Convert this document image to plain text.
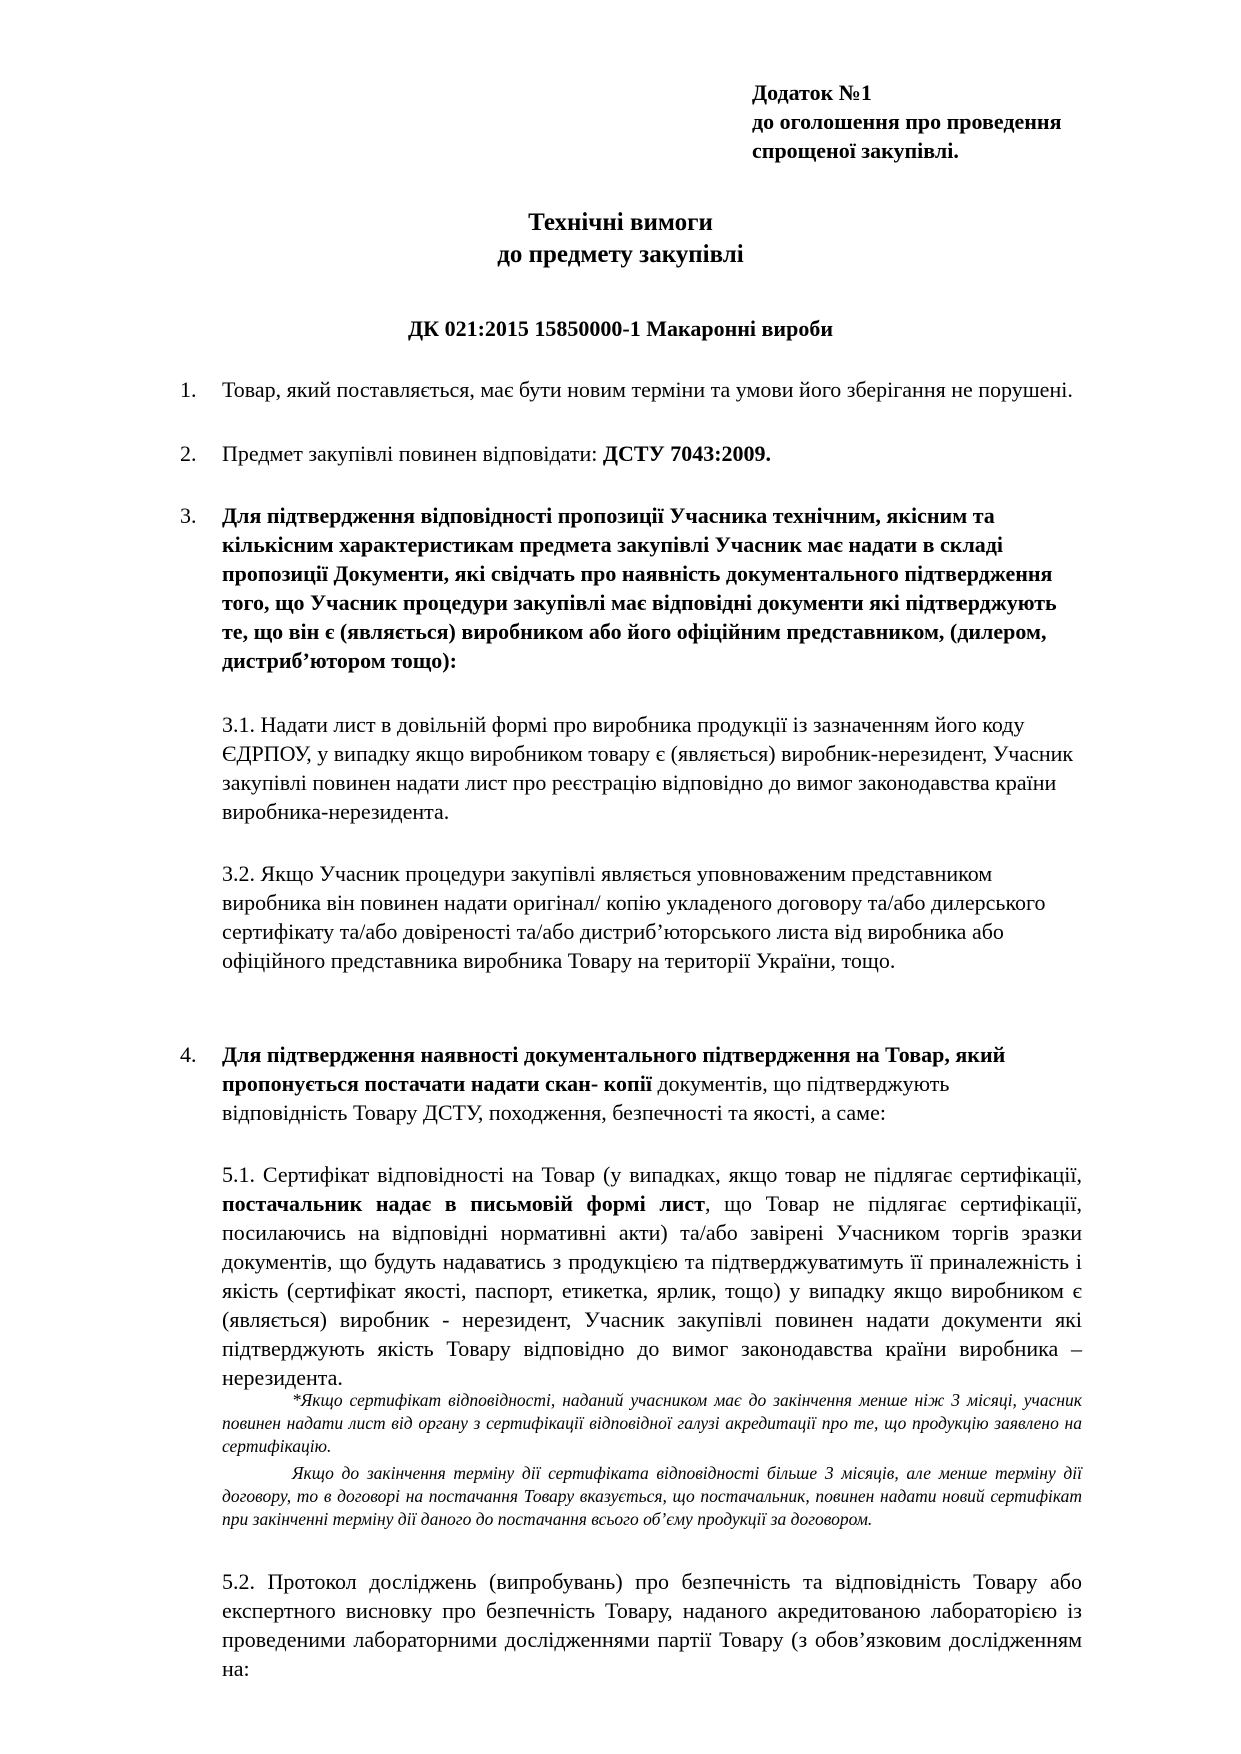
Додаток №1
до оголошення про проведення
спрощеної закупівлі.
Технічні вимоги
до предмету закупівлі
ДК 021:2015 15850000-1 Макаронні вироби
1.	Товар, який поставляється, має бути новим терміни та умови його зберігання не порушені.
2.	Предмет закупівлі повинен відповідати: ДСТУ 7043:2009.
3.	Для підтвердження відповідності пропозиції Учасника технічним, якісним та кількісним характеристикам предмета закупівлі Учасник має надати в складі пропозиції Документи, які свідчать про наявність документального підтвердження того, що Учасник процедури закупівлі має відповідні документи які підтверджують те, що він є (являється) виробником або його офіційним представником, (дилером, дистриб’ютором тощо):
3.1. Надати лист в довільній формі про виробника продукції із зазначенням його коду ЄДРПОУ, у випадку якщо виробником товару є (являється) виробник-нерезидент, Учасник закупівлі повинен надати лист про реєстрацію відповідно до вимог законодавства країни виробника-нерезидента.
3.2. Якщо Учасник процедури закупівлі являється уповноваженим представником виробника він повинен надати оригінал/ копію укладеного договору та/або дилерського сертифікату та/або довіреності та/або дистриб’юторського листа від виробника або офіційного представника виробника Товару на території України, тощо.
4.	Для підтвердження наявності документального підтвердження на Товар, який пропонується постачати надати скан- копії документів, що підтверджують відповідність Товару ДСТУ, походження, безпечності та якості, а саме:
5.1. Сертифікат відповідності на Товар (у випадках, якщо товар не підлягає сертифікації, постачальник надає в письмовій формі лист, що Товар не підлягає сертифікації, посилаючись на відповідні нормативні акти) та/або завірені Учасником торгів зразки документів, що будуть надаватись з продукцією та підтверджуватимуть її приналежність і якість (сертифікат якості, паспорт, етикетка, ярлик, тощо) у випадку якщо виробником є (являється) виробник - нерезидент, Учасник закупівлі повинен надати документи які підтверджують якість Товару відповідно до вимог законодавства країни виробника – нерезидента.
*Якщо сертифікат відповідності, наданий учасником має до закінчення менше ніж 3 місяці, учасник повинен надати лист від органу з сертифікації відповідної галузі акредитації про те, що продукцію заявлено на сертифікацію.
Якщо до закінчення терміну дії сертифіката відповідності більше 3 місяців, але менше терміну дії договору, то в договорі на постачання Товару вказується, що постачальник, повинен надати новий сертифікат при закінченні терміну дії даного до постачання всього об’єму продукції за договором.
5.2. Протокол досліджень (випробувань) про безпечність та відповідність Товару або експертного висновку про безпечність Товару, наданого акредитованою лабораторією із проведеними лабораторними дослідженнями партії Товару (з обов’язковим дослідженням на:
